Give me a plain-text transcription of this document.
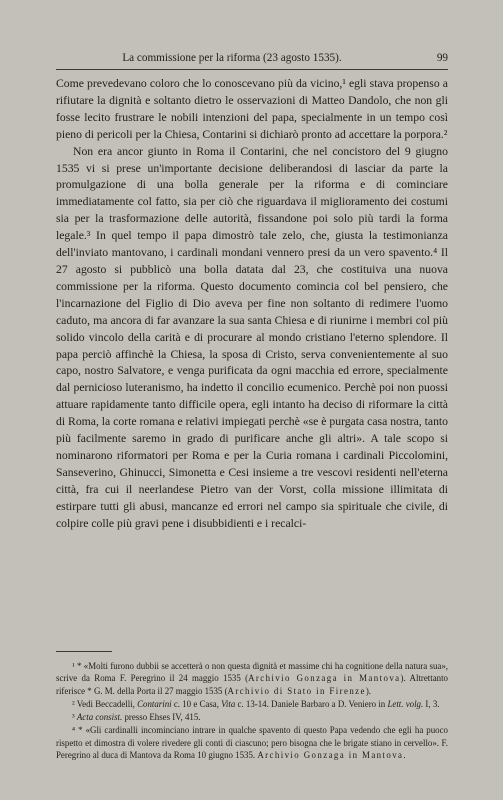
La commissione per la riforma (23 agosto 1535).	99

Come prevedevano coloro che lo conoscevano più da vicino,¹ egli stava propenso a rifiutare la dignità e soltanto dietro le osservazioni di Matteo Dandolo, che non gli fosse lecito frustrare le nobili intenzioni del papa, specialmente in un tempo così pieno di pericoli per la Chiesa, Contarini si dichiarò pronto ad accettare la porpora.²

Non era ancor giunto in Roma il Contarini, che nel concistoro del 9 giugno 1535 vi si prese un'importante decisione deliberandosi di lasciar da parte la promulgazione di una bolla generale per la riforma e di cominciare immediatamente col fatto, sia per ciò che riguardava il miglioramento dei costumi sia per la trasformazione delle autorità, fissandone poi solo più tardi la forma legale.³ In quel tempo il papa dimostrò tale zelo, che, giusta la testimonianza dell'inviato mantovano, i cardinali mondani vennero presi da un vero spavento.⁴ Il 27 agosto si pubblicò una bolla datata dal 23, che costituiva una nuova commissione per la riforma. Questo documento comincia col bel pensiero, che l'incarnazione del Figlio di Dio aveva per fine non soltanto di redimere l'uomo caduto, ma ancora di far avanzare la sua santa Chiesa e di riunirne i membri col più solido vincolo della carità e di procurare al mondo cristiano l'eterno splendore. Il papa perciò affinchè la Chiesa, la sposa di Cristo, serva convenientemente al suo capo, nostro Salvatore, e venga purificata da ogni macchia ed errore, specialmente dal pernicioso luteranismo, ha indetto il concilio ecumenico. Perchè poi non puossi attuare rapidamente tanto difficile opera, egli intanto ha deciso di riformare la città di Roma, la corte romana e relativi impiegati perchè «se è purgata casa nostra, tanto più facilmente saremo in grado di purificare anche gli altri». A tale scopo si nominarono riformatori per Roma e per la Curia romana i cardinali Piccolomini, Sanseverino, Ghinucci, Simonetta e Cesi insieme a tre vescovi residenti nell'eterna città, fra cui il neerlandese Pietro van der Vorst, colla missione illimitata di estirpare tutti gli abusi, mancanze ed errori nel campo sia spirituale che civile, di colpire colle più gravi pene i disubbidienti e i recalci-

¹ * «Molti furono dubbii se accetterà o non questa dignità et massime chi ha cognitione della natura sua», scrive da Roma F. Peregrino il 24 maggio 1535 (Archivio Gonzaga in Mantova). Altrettanto riferisce * G. M. della Porta il 27 maggio 1535 (Archivio di Stato in Firenze).

² Vedi Beccadelli, Contarini c. 10 e Casa, Vita c. 13-14. Daniele Barbaro a D. Veniero in Lett. volg. I, 3.

³ Acta consist. presso Ehses IV, 415.

⁴ * «Gli cardinalli incominciano intrare in qualche spavento di questo Papa vedendo che egli ha puoco rispetto et dimostra di volere rivedere gli conti di ciascuno; pero bisogna che le brigate stiano in cervello». F. Peregrino al duca di Mantova da Roma 10 giugno 1535. Archivio Gonzaga in Mantova.
